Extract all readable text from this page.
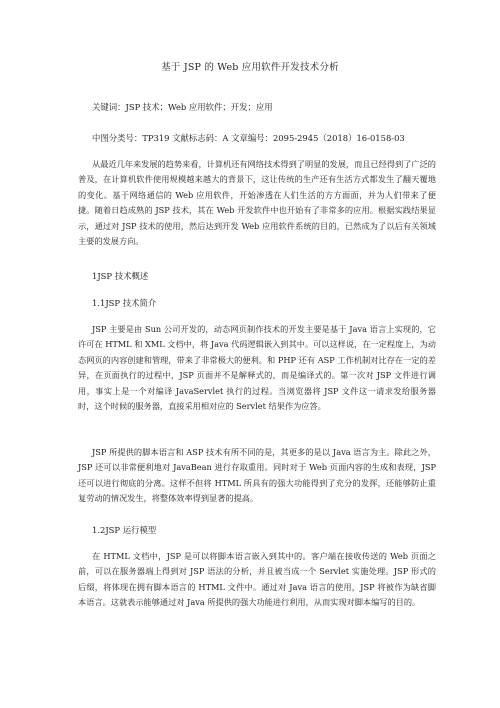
基于 JSP 的 Web 应用软件开发技术分析
关键词：JSP 技术；Web 应用软件；开发；应用
中图分类号：TP319 文献标志码：A 文章编号：2095-2945（2018）16-0158-03

从最近几年来发展的趋势来看，计算机还有网络技术得到了明显的发展，而且已经得到了广泛的普及，在计算机软件使用规模越来越大的背景下，这让传统的生产还有生活方式都发生了翻天覆地的变化。基于网络通信的 Web 应用软件，开始渗透在人们生活的方方面面，并为人们带来了便捷。随着日趋成熟的 JSP 技术，其在 Web 开发软件中也开始有了非常多的应用。根据实践结果显示，通过对 JSP 技术的使用，然后达到开发 Web 应用软件系统的目的，已然成为了以后有关领域主要的发展方向。

1JSP 技术概述
1.1JSP 技术简介

JSP 主要是由 Sun 公司开发的，动态网页制作技术的开发主要是基于 Java 语言上实现的，它许可在 HTML 和 XML 文档中，将 Java 代码逻辑嵌入到其中。可以这样说，在一定程度上，为动态网页的内容创建和管理，带来了非常极大的便利。和 PHP 还有 ASP 工作机制对比存在一定的差异，在页面执行的过程中，JSP 页面并不是解释式的，而是编译式的。第一次对 JSP 文件进行调用，事实上是一个对编译 JavaServlet 执行的过程。当浏览器将 JSP 文件这一请求发给服务器时，这个时候的服务器，直接采用相对应的 Servlet 结果作为应答。

JSP 所提供的脚本语言和 ASP 技术有所不同的是，其更多的是以 Java 语言为主。除此之外，JSP 还可以非常便利地对 JavaBean 进行存取重用。同时对于 Web 页面内容的生成和表现，JSP 还可以进行彻底的分离。这样不但将 HTML 所具有的强大功能得到了充分的发挥，还能够防止重复劳动的情况发生，将整体效率得到显著的提高。

1.2JSP 运行模型

在 HTML 文档中，JSP 是可以将脚本语言嵌入到其中的。客户端在接收传送的 Web 页面之前，可以在服务器端上得到对 JSP 语法的分析，并且被当成一个 Servlet 实施处理。JSP 形式的后缀，将体现在拥有脚本语言的 HTML 文件中。通过对 Java 语言的使用，JSP 将被作为缺省脚本语言。这就表示能够通过对 Java 所提供的强大功能进行利用，从而实现对脚本编写的目的。
